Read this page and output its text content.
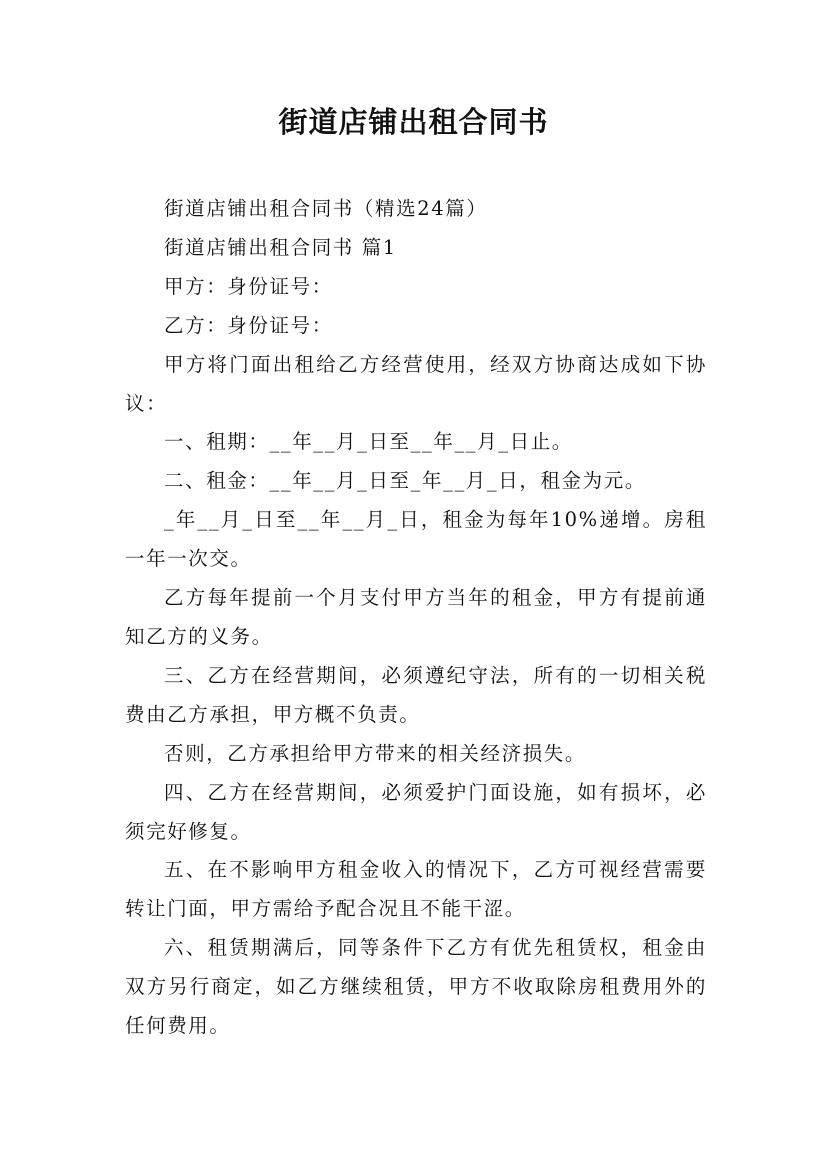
街道店铺出租合同书

街道店铺出租合同书（精选24篇）

街道店铺出租合同书 篇1

甲方：身份证号：

乙方：身份证号：

甲方将门面出租给乙方经营使用，经双方协商达成如下协议：

一、租期：__年__月_日至__年__月_日止。

二、租金：__年__月_日至_年__月_日，租金为元。

_年__月_日至__年__月_日，租金为每年10%递增。房租一年一次交。

乙方每年提前一个月支付甲方当年的租金，甲方有提前通知乙方的义务。

三、乙方在经营期间，必须遵纪守法，所有的一切相关税费由乙方承担，甲方概不负责。

否则，乙方承担给甲方带来的相关经济损失。

四、乙方在经营期间，必须爱护门面设施，如有损坏，必须完好修复。

五、在不影响甲方租金收入的情况下，乙方可视经营需要转让门面，甲方需给予配合况且不能干涩。

六、租赁期满后，同等条件下乙方有优先租赁权，租金由双方另行商定，如乙方继续租赁，甲方不收取除房租费用外的任何费用。
